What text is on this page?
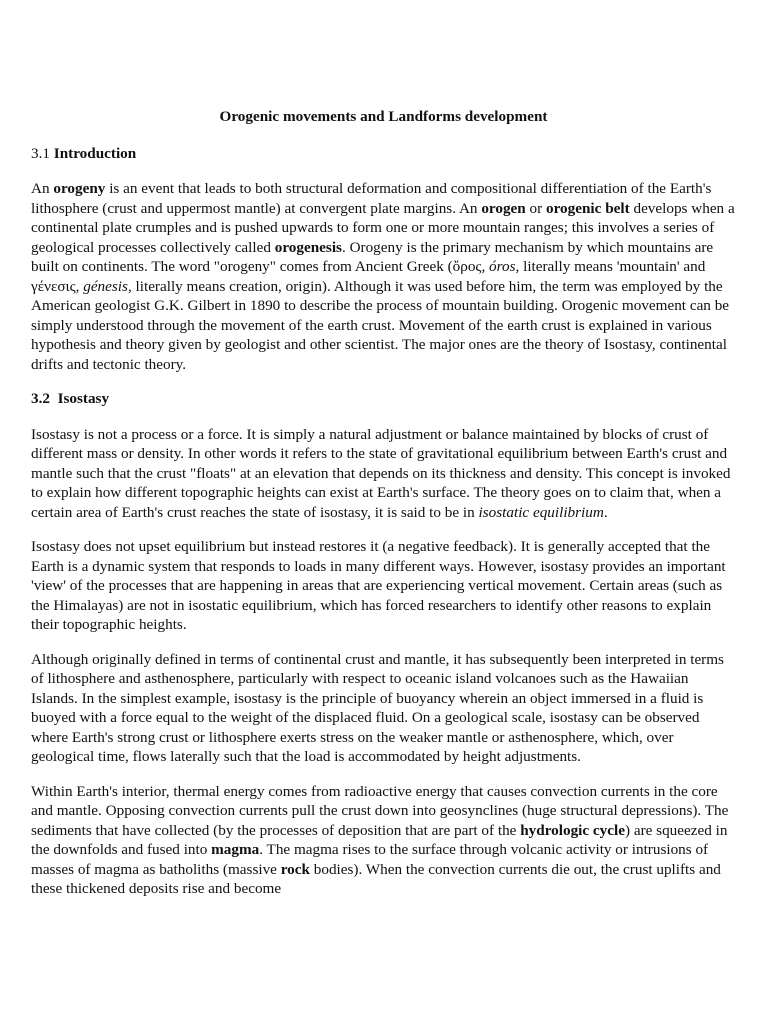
Orogenic movements and Landforms development
3.1 Introduction

An orogeny is an event that leads to both structural deformation and compositional differentiation of the Earth's lithosphere (crust and uppermost mantle) at convergent plate margins. An orogen or orogenic belt develops when a continental plate crumples and is pushed upwards to form one or more mountain ranges; this involves a series of geological processes collectively called orogenesis. Orogeny is the primary mechanism by which mountains are built on continents. The word "orogeny" comes from Ancient Greek (ὄρος, óros, literally means 'mountain' and γένεσις, génesis, literally means creation, origin). Although it was used before him, the term was employed by the American geologist G.K. Gilbert in 1890 to describe the process of mountain building. Orogenic movement can be simply understood through the movement of the earth crust. Movement of the earth crust is explained in various hypothesis and theory given by geologist and other scientist. The major ones are the theory of Isostasy, continental drifts and tectonic theory.

3.2 Isostasy

Isostasy is not a process or a force. It is simply a natural adjustment or balance maintained by blocks of crust of different mass or density. In other words it refers to the state of gravitational equilibrium between Earth's crust and mantle such that the crust "floats" at an elevation that depends on its thickness and density. This concept is invoked to explain how different topographic heights can exist at Earth's surface. The theory goes on to claim that, when a certain area of Earth's crust reaches the state of isostasy, it is said to be in isostatic equilibrium.

Isostasy does not upset equilibrium but instead restores it (a negative feedback). It is generally accepted that the Earth is a dynamic system that responds to loads in many different ways. However, isostasy provides an important 'view' of the processes that are happening in areas that are experiencing vertical movement. Certain areas (such as the Himalayas) are not in isostatic equilibrium, which has forced researchers to identify other reasons to explain their topographic heights.

Although originally defined in terms of continental crust and mantle, it has subsequently been interpreted in terms of lithosphere and asthenosphere, particularly with respect to oceanic island volcanoes such as the Hawaiian Islands. In the simplest example, isostasy is the principle of buoyancy wherein an object immersed in a fluid is buoyed with a force equal to the weight of the displaced fluid. On a geological scale, isostasy can be observed where Earth's strong crust or lithosphere exerts stress on the weaker mantle or asthenosphere, which, over geological time, flows laterally such that the load is accommodated by height adjustments.

Within Earth's interior, thermal energy comes from radioactive energy that causes convection currents in the core and mantle. Opposing convection currents pull the crust down into geosynclines (huge structural depressions). The sediments that have collected (by the processes of deposition that are part of the hydrologic cycle) are squeezed in the downfolds and fused into magma. The magma rises to the surface through volcanic activity or intrusions of masses of magma as batholiths (massive rock bodies). When the convection currents die out, the crust uplifts and these thickened deposits rise and become
